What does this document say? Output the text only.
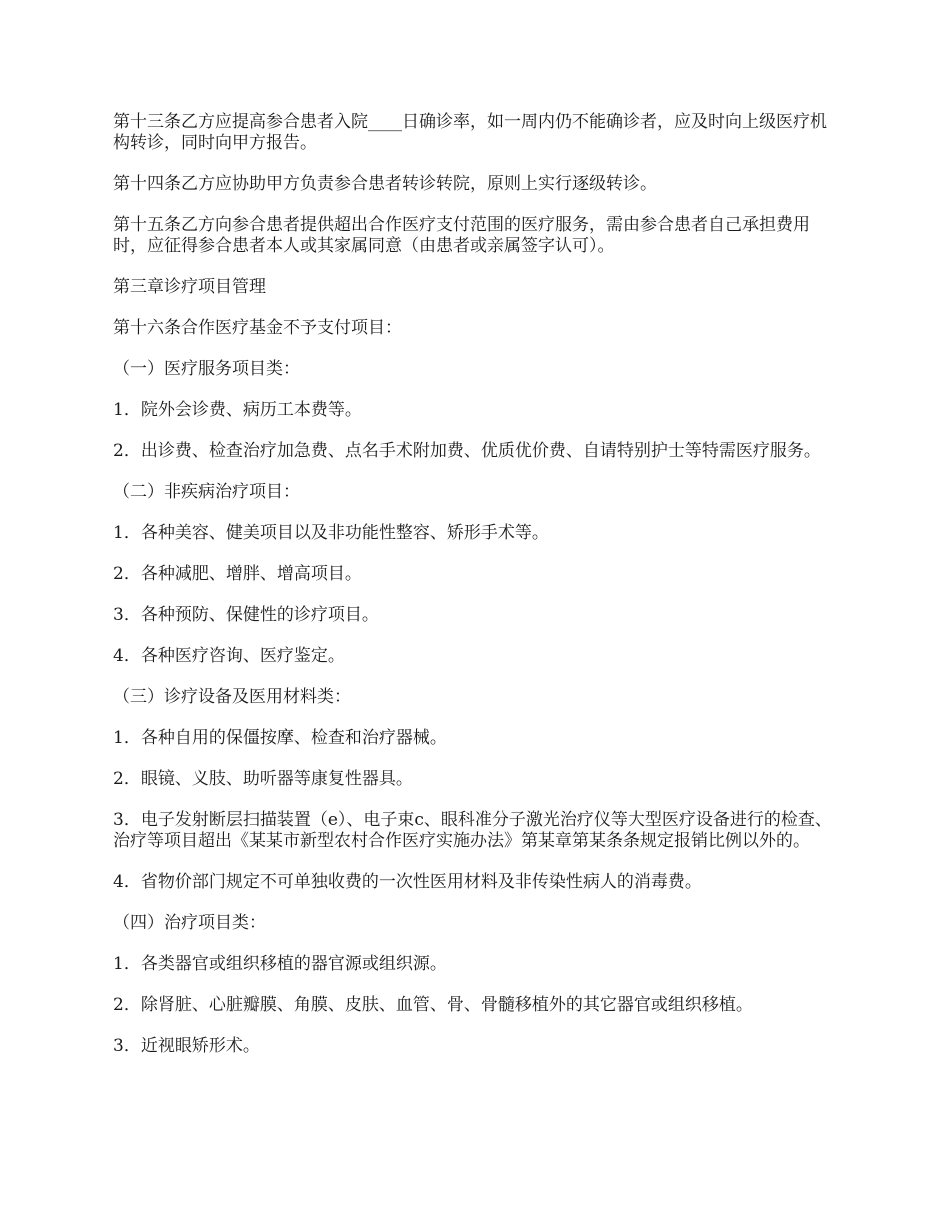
第十三条乙方应提高参合患者入院____日确诊率，如一周内仍不能确诊者，应及时向上级医疗机构转诊，同时向甲方报告。

第十四条乙方应协助甲方负责参合患者转诊转院，原则上实行逐级转诊。

第十五条乙方向参合患者提供超出合作医疗支付范围的医疗服务，需由参合患者自己承担费用时，应征得参合患者本人或其家属同意（由患者或亲属签字认可）。

第三章诊疗项目管理

第十六条合作医疗基金不予支付项目：

（一）医疗服务项目类：

1．院外会诊费、病历工本费等。

2．出诊费、检查治疗加急费、点名手术附加费、优质优价费、自请特别护士等特需医疗服务。

（二）非疾病治疗项目：

1．各种美容、健美项目以及非功能性整容、矫形手术等。

2．各种减肥、增胖、增高项目。

3．各种预防、保健性的诊疗项目。

4．各种医疗咨询、医疗鉴定。

（三）诊疗设备及医用材料类：

1．各种自用的保僵按摩、检查和治疗器械。

2．眼镜、义肢、助听器等康复性器具。

3．电子发射断层扫描装置（e）、电子束c、眼科准分子激光治疗仪等大型医疗设备进行的检查、治疗等项目超出《某某市新型农村合作医疗实施办法》第某章第某条条规定报销比例以外的。

4．省物价部门规定不可单独收费的一次性医用材料及非传染性病人的消毒费。

（四）治疗项目类：

1．各类器官或组织移植的器官源或组织源。

2．除肾脏、心脏瓣膜、角膜、皮肤、血管、骨、骨髓移植外的其它器官或组织移植。

3．近视眼矫形术。
